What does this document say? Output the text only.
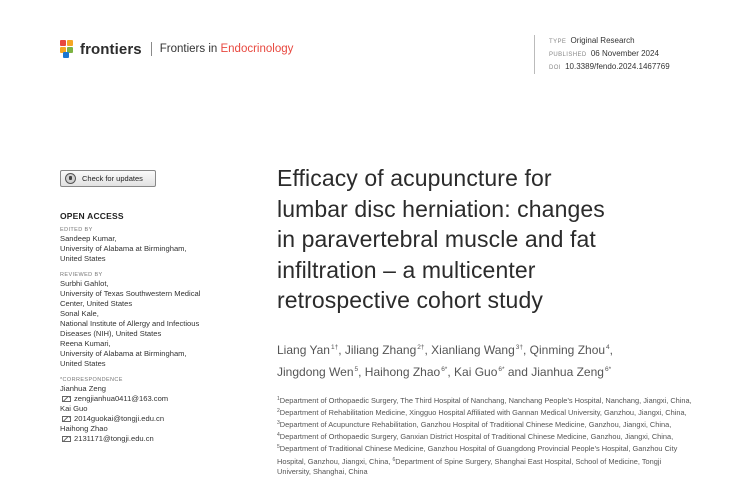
frontiers Frontiers in Endocrinology
TYPE Original Research
PUBLISHED 06 November 2024
DOI 10.3389/fendo.2024.1467769
Check for updates
OPEN ACCESS
EDITED BY
Sandeep Kumar,
University of Alabama at Birmingham,
United States
REVIEWED BY
Surbhi Gahlot,
University of Texas Southwestern Medical
Center, United States
Sonal Kale,
National Institute of Allergy and Infectious
Diseases (NIH), United States
Reena Kumari,
University of Alabama at Birmingham,
United States
*CORRESPONDENCE
Jianhua Zeng
zengjianhua0411@163.com
Kai Guo
2014guokai@tongji.edu.cn
Haihong Zhao
2131171@tongji.edu.cn
Efficacy of acupuncture for
lumbar disc herniation: changes
in paravertebral muscle and fat
infiltration – a multicenter
retrospective cohort study
Liang Yan$^{1\dagger}$, Jiliang Zhang$^{2\dagger}$, Xianliang Wang$^{3\dagger}$, Qinming Zhou$^4$,
Jingdong Wen$^5$, Haihong Zhao$^{6*}$, Kai Guo$^{6*}$ and Jianhua Zeng$^{6*}$
$^1$Department of Orthopaedic Surgery, The Third Hospital of Nanchang, Nanchang People’s Hospital, Nanchang, Jiangxi, China, $^2$Department of Rehabilitation Medicine, Xingguo Hospital Affiliated with Gannan Medical University, Ganzhou, Jiangxi, China, $^3$Department of Acupuncture Rehabilitation, Ganzhou Hospital of Traditional Chinese Medicine, Ganzhou, Jiangxi, China, $^4$Department of Orthopaedic Surgery, Ganxian District Hospital of Traditional Chinese Medicine, Ganzhou, Jiangxi, China, $^5$Department of Traditional Chinese Medicine, Ganzhou Hospital of Guangdong Provincial People’s Hospital, Ganzhou City Hospital, Ganzhou, Jiangxi, China, $^6$Department of Spine Surgery, Shanghai East Hospital, School of Medicine, Tongji University, Shanghai, China
